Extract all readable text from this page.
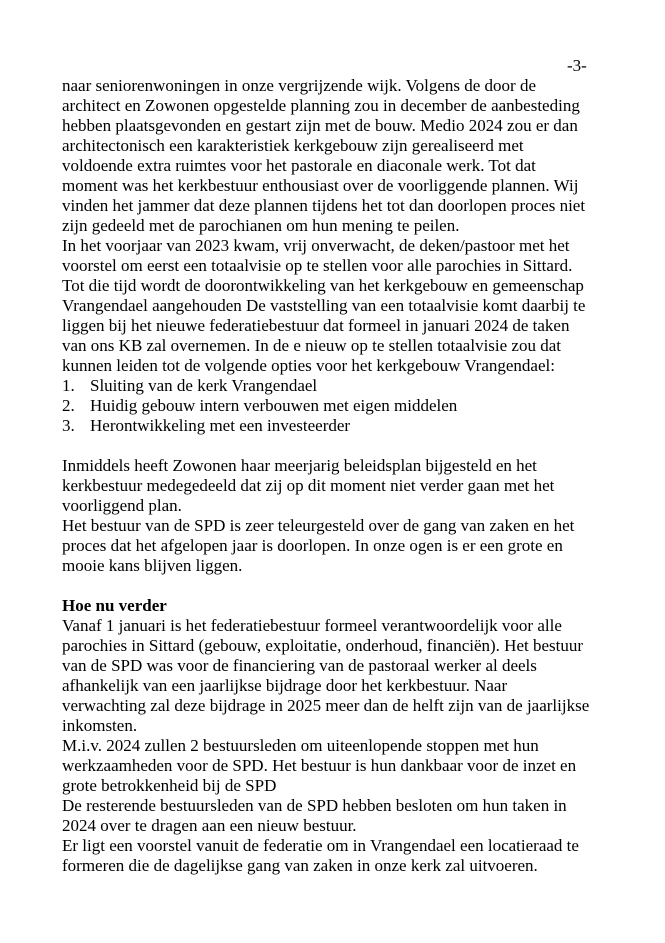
-3-
naar seniorenwoningen in onze vergrijzende wijk. Volgens de door de
architect en Zowonen opgestelde planning zou in december de aanbesteding
hebben plaatsgevonden en gestart zijn met de bouw. Medio 2024 zou er dan
architectonisch een karakteristiek kerkgebouw zijn gerealiseerd met
voldoende extra ruimtes voor het pastorale en diaconale werk. Tot dat
moment was het kerkbestuur enthousiast over de voorliggende plannen. Wij
vinden het jammer dat deze plannen tijdens het tot dan doorlopen proces niet
zijn gedeeld met de parochianen om hun mening te peilen.
In het voorjaar van 2023 kwam, vrij onverwacht, de deken/pastoor met het
voorstel om eerst een totaalvisie op te stellen voor alle parochies in Sittard.
Tot die tijd wordt de doorontwikkeling van het kerkgebouw en gemeenschap
Vrangendael aangehouden De vaststelling van een totaalvisie komt daarbij te
liggen bij het nieuwe federatiebestuur dat formeel in januari 2024 de taken
van ons KB zal overnemen. In de e nieuw op te stellen totaalvisie zou dat
kunnen leiden tot de volgende opties voor het kerkgebouw Vrangendael:
1. Sluiting van de kerk Vrangendael
2. Huidig gebouw intern verbouwen met eigen middelen
3. Herontwikkeling met een investeerder
Inmiddels heeft Zowonen haar meerjarig beleidsplan bijgesteld en het
kerkbestuur medegedeeld dat zij op dit moment niet verder gaan met het
voorliggend plan.
Het bestuur van de SPD is zeer teleurgesteld over de gang van zaken en het
proces dat het afgelopen jaar is doorlopen. In onze ogen is er een grote en
mooie kans blijven liggen.
Hoe nu verder
Vanaf 1 januari is het federatiebestuur formeel verantwoordelijk voor alle
parochies in Sittard (gebouw, exploitatie, onderhoud, financiën). Het bestuur
van de SPD was voor de financiering van de pastoraal werker al deels
afhankelijk van een jaarlijkse bijdrage door het kerkbestuur. Naar
verwachting zal deze bijdrage in 2025 meer dan de helft zijn van de jaarlijkse
inkomsten.
M.i.v. 2024 zullen 2 bestuursleden om uiteenlopende stoppen met hun
werkzaamheden voor de SPD. Het bestuur is hun dankbaar voor de inzet en
grote betrokkenheid bij de SPD
De resterende bestuursleden van de SPD hebben besloten om hun taken in
2024 over te dragen aan een nieuw bestuur.
Er ligt een voorstel vanuit de federatie om in Vrangendael een locatieraad te
formeren die de dagelijkse gang van zaken in onze kerk zal uitvoeren.
